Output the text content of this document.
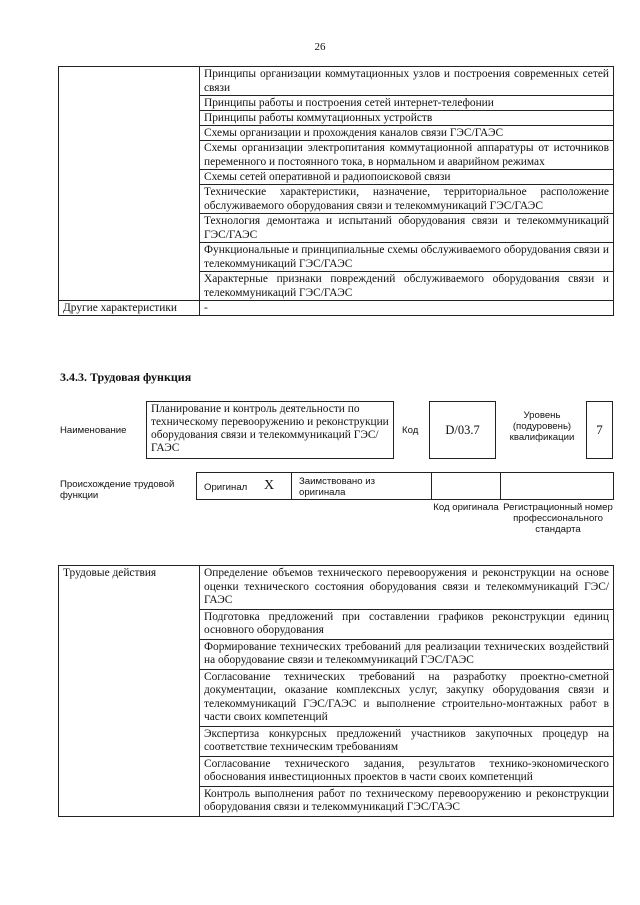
26
	Принципы организации коммутационных узлов и построения современных сетей связи
	Принципы работы и построения сетей интернет-телефонии
	Принципы работы коммутационных устройств
	Схемы организации и прохождения каналов связи ГЭС/ГАЭС
	Схемы организации электропитания коммутационной аппаратуры от источников переменного и постоянного тока, в нормальном и аварийном режимах
	Схемы сетей оперативной и радиопоисковой связи
	Технические характеристики, назначение, территориальное расположение обслуживаемого оборудования связи и телекоммуникаций ГЭС/ГАЭС
	Технология демонтажа и испытаний оборудования связи и телекоммуникаций ГЭС/ГАЭС
	Функциональные и принципиальные схемы обслуживаемого оборудования связи и телекоммуникаций ГЭС/ГАЭС
	Характерные признаки повреждений обслуживаемого оборудования связи и телекоммуникаций ГЭС/ГАЭС
Другие характеристики	-
3.4.3. Трудовая функция
Наименование
Планирование и контроль деятельности по техническому перевооружению и реконструкции оборудования связи и телекоммуникаций ГЭС/ГАЭС
Код	D/03.7
Уровень (подуровень) квалификации
7
Происхождение трудовой функции
Оригинал X	Заимствовано из оригинала
Код оригинала Регистрационный номер профессионального стандарта
Трудовые действия	Определение объемов технического перевооружения и реконструкции на основе оценки технического состояния оборудования связи и телекоммуникаций ГЭС/ГАЭС
Подготовка предложений при составлении графиков реконструкции единиц основного оборудования
Формирование технических требований для реализации технических воздействий на оборудование связи и телекоммуникаций ГЭС/ГАЭС
Согласование технических требований на разработку проектно-сметной документации, оказание комплексных услуг, закупку оборудования связи и телекоммуникаций ГЭС/ГАЭС и выполнение строительно-монтажных работ в части своих компетенций
Экспертиза конкурсных предложений участников закупочных процедур на соответствие техническим требованиям
Согласование технического задания, результатов технико-экономического обоснования инвестиционных проектов в части своих компетенций
Контроль выполнения работ по техническому перевооружению и реконструкции оборудования связи и телекоммуникаций ГЭС/ГАЭС
